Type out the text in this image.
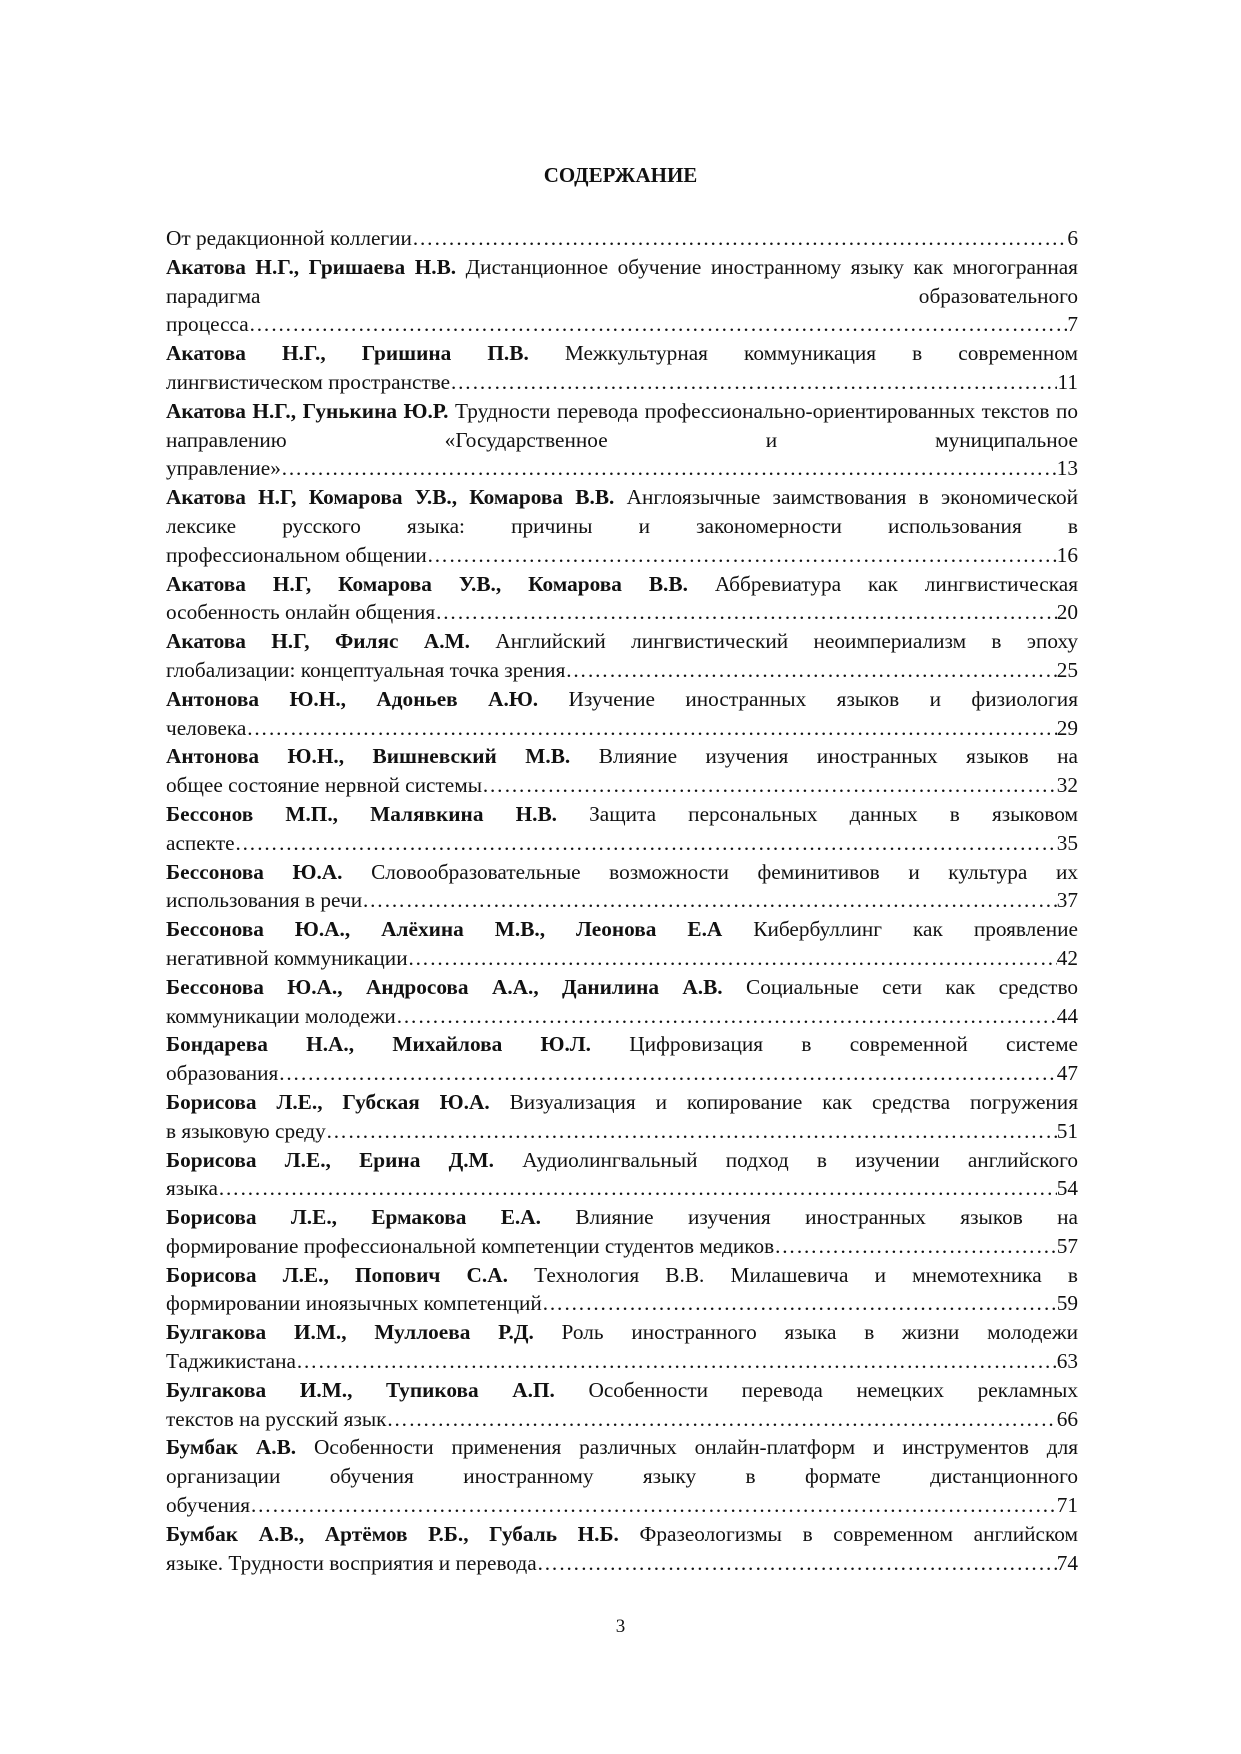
СОДЕРЖАНИЕ
От редакционной коллегии …………………………………………………………………………………………………………………………………………	6

Акатова Н.Г., Гришаева Н.В. Дистанционное обучение иностранному языку как многогранная парадигма образовательного

процесса …………………………………………………………………………………………………………………………………………	7

Акатова Н.Г., Гришина П.В. Межкультурная коммуникация в современном

лингвистическом пространстве …………………………………………………………………………………………………………………………………………	11

Акатова Н.Г., Гунькина Ю.Р. Трудности перевода профессионально-ориентированных текстов по направлению «Государственное и муниципальное

управление» …………………………………………………………………………………………………………………………………………	13

Акатова Н.Г, Комарова У.В., Комарова В.В. Англоязычные заимствования в экономической лексике русского языка: причины и закономерности использования в

профессиональном общении …………………………………………………………………………………………………………………………………………	16

Акатова Н.Г, Комарова У.В., Комарова В.В. Аббревиатура как лингвистическая

особенность онлайн общения …………………………………………………………………………………………………………………………………………	20

Акатова Н.Г, Филяс А.М. Английский лингвистический неоимпериализм в эпоху

глобализации: концептуальная точка зрения …………………………………………………………………………………………………………………………………………	25

Антонова Ю.Н., Адоньев А.Ю. Изучение иностранных языков и физиология

человека …………………………………………………………………………………………………………………………………………	29

Антонова Ю.Н., Вишневский М.В. Влияние изучения иностранных языков на

общее состояние нервной системы …………………………………………………………………………………………………………………………………………	32

Бессонов М.П., Малявкина Н.В. Защита персональных данных в языковом

аспекте …………………………………………………………………………………………………………………………………………	35

Бессонова Ю.А. Словообразовательные возможности феминитивов и культура их

использования в речи …………………………………………………………………………………………………………………………………………	37

Бессонова Ю.А., Алёхина М.В., Леонова Е.А Кибербуллинг как проявление

негативной коммуникации …………………………………………………………………………………………………………………………………………	42

Бессонова Ю.А., Андросова А.А., Данилина А.В. Социальные сети как средство

коммуникации молодежи …………………………………………………………………………………………………………………………………………	44

Бондарева Н.А., Михайлова Ю.Л. Цифровизация в современной системе

образования …………………………………………………………………………………………………………………………………………	47

Борисова Л.Е., Губская Ю.А. Визуализация и копирование как средства погружения

в языковую среду …………………………………………………………………………………………………………………………………………	51

Борисова Л.Е., Ерина Д.М. Аудиолингвальный подход в изучении английского

языка …………………………………………………………………………………………………………………………………………	54

Борисова Л.Е., Ермакова Е.А. Влияние изучения иностранных языков на

формирование профессиональной компетенции студентов медиков …………………………………………………………………………………………………………………………………………	57

Борисова Л.Е., Попович С.А. Технология В.В. Милашевича и мнемотехника в

формировании иноязычных компетенций …………………………………………………………………………………………………………………………………………	59

Булгакова И.М., Муллоева Р.Д. Роль иностранного языка в жизни молодежи

Таджикистана …………………………………………………………………………………………………………………………………………	63

Булгакова И.М., Тупикова А.П. Особенности перевода немецких рекламных

текстов на русский язык …………………………………………………………………………………………………………………………………………	66

Бумбак А.В. Особенности применения различных онлайн-платформ и инструментов для организации обучения иностранному языку в формате дистанционного

обучения …………………………………………………………………………………………………………………………………………	71

Бумбак А.В., Артёмов Р.Б., Губаль Н.Б. Фразеологизмы в современном английском

языке. Трудности восприятия и перевода …………………………………………………………………………………………………………………………………………	74
3
